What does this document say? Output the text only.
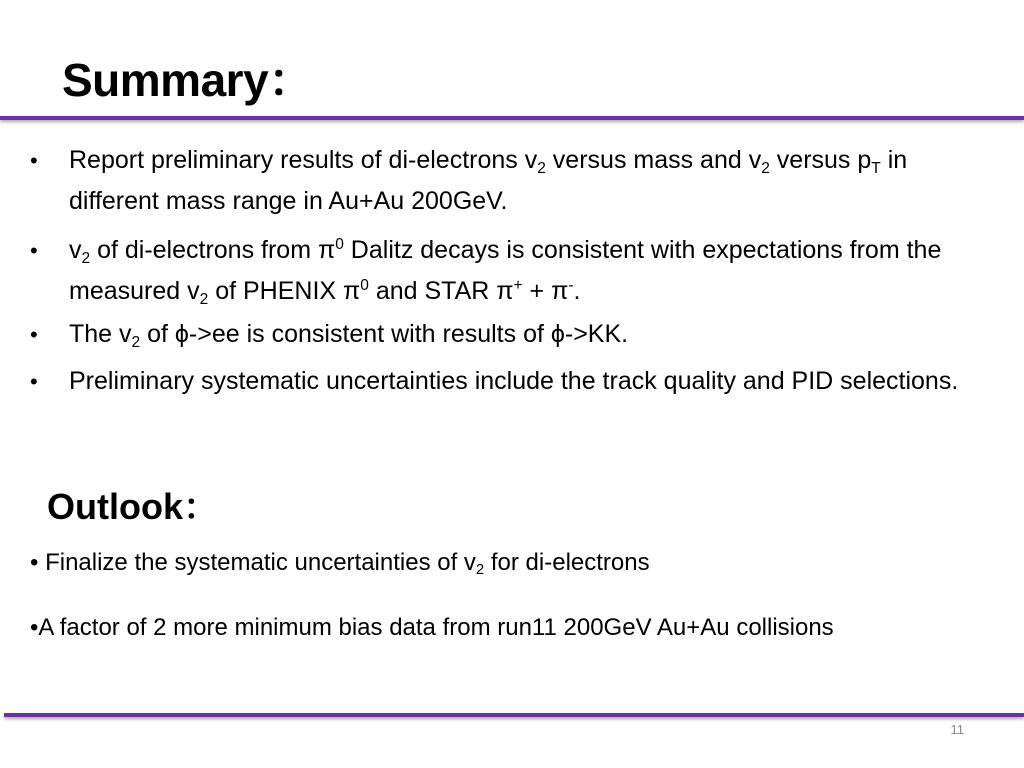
Summary：
• Report preliminary results of di-electrons $v_2$ versus mass and $v_2$ versus $p_T$ in different mass range in Au+Au 200GeV.
• $v_2$ of di-electrons from $\pi^0$ Dalitz decays is consistent with expectations from the measured $v_2$ of PHENIX $\pi^0$ and STAR π+ + π-.
• The $v_2$ of ϕ->ee is consistent with results of ϕ->KK.
• Preliminary systematic uncertainties include the track quality and PID selections.
Outlook：

• Finalize the systematic uncertainties of $v_2$ for di-electrons

•A factor of 2 more minimum bias data from run11 200GeV Au+Au collisions

11
